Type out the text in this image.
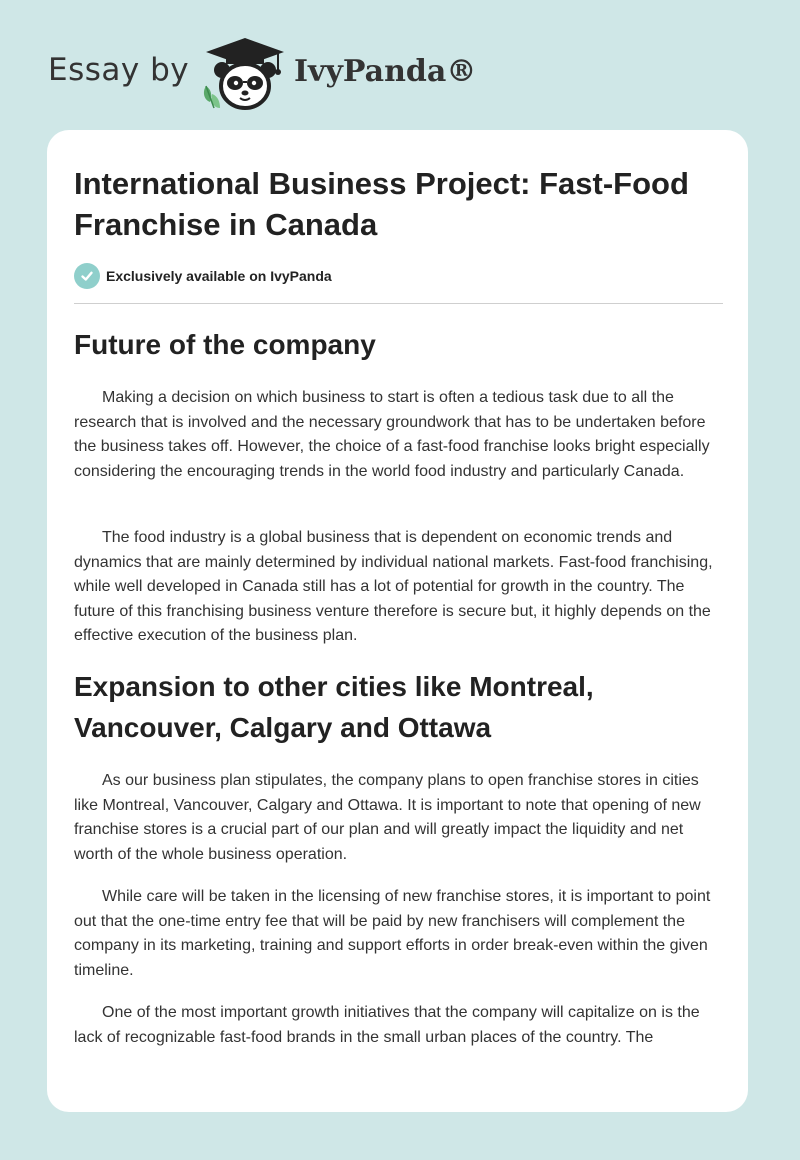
Essay by	IvyPanda®
International Business Project: Fast-Food Franchise in Canada
Exclusively available on IvyPanda
Future of the company

Making a decision on which business to start is often a tedious task due to all the research that is involved and the necessary groundwork that has to be undertaken before the business takes off. However, the choice of a fast-food franchise looks bright especially considering the encouraging trends in the world food industry and particularly Canada.

The food industry is a global business that is dependent on economic trends and dynamics that are mainly determined by individual national markets. Fast-food franchising, while well developed in Canada still has a lot of potential for growth in the country. The future of this franchising business venture therefore is secure but, it highly depends on the effective execution of the business plan.

Expansion to other cities like Montreal, Vancouver, Calgary and Ottawa

As our business plan stipulates, the company plans to open franchise stores in cities like Montreal, Vancouver, Calgary and Ottawa. It is important to note that opening of new franchise stores is a crucial part of our plan and will greatly impact the liquidity and net worth of the whole business operation.

While care will be taken in the licensing of new franchise stores, it is important to point out that the one-time entry fee that will be paid by new franchisers will complement the company in its marketing, training and support efforts in order break-even within the given timeline.

One of the most important growth initiatives that the company will capitalize on is the lack of recognizable fast-food brands in the small urban places of the country. The
